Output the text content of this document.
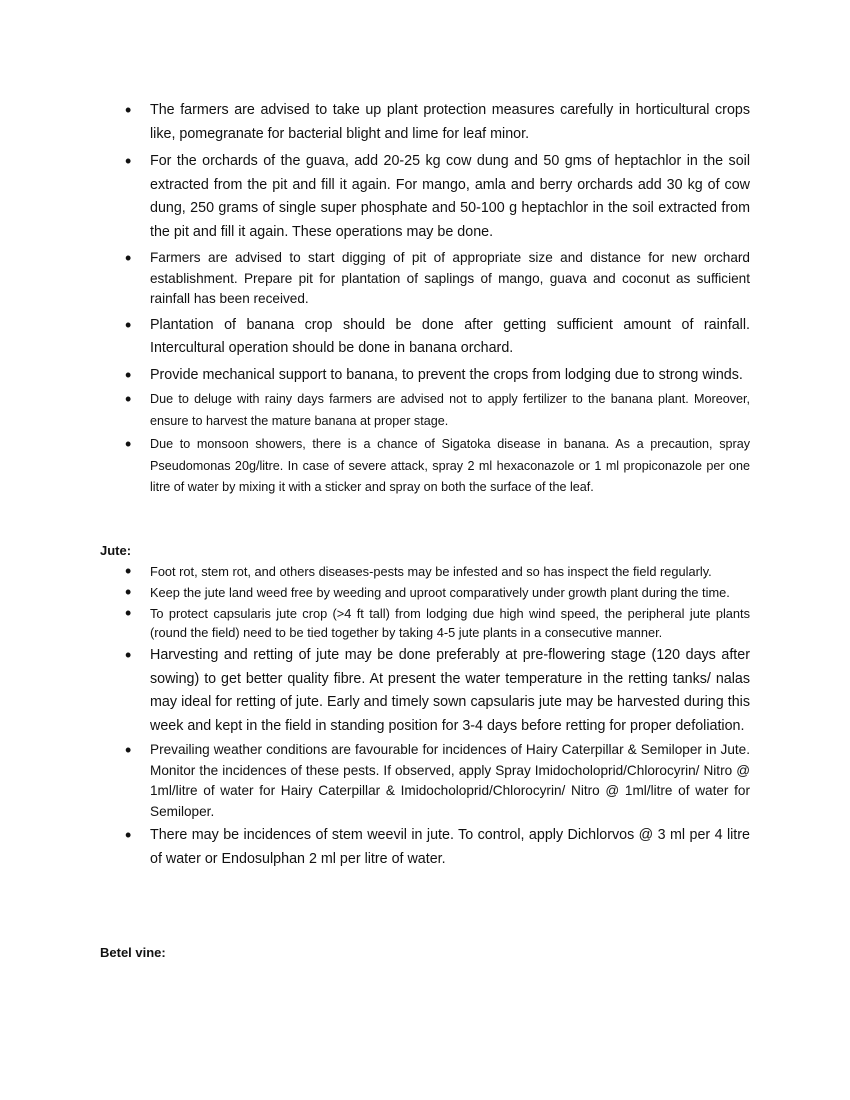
• The farmers are advised to take up plant protection measures carefully in horticultural crops like, pomegranate for bacterial blight and lime for leaf minor.
• For the orchards of the guava, add 20-25 kg cow dung and 50 gms of heptachlor in the soil extracted from the pit and fill it again. For mango, amla and berry orchards add 30 kg of cow dung, 250 grams of single super phosphate and 50-100 g heptachlor in the soil extracted from the pit and fill it again. These operations may be done.
• Farmers are advised to start digging of pit of appropriate size and distance for new orchard establishment. Prepare pit for plantation of saplings of mango, guava and coconut as sufficient rainfall has been received.
• Plantation of banana crop should be done after getting sufficient amount of rainfall. Intercultural operation should be done in banana orchard.
• Provide mechanical support to banana, to prevent the crops from lodging due to strong winds.
• Due to deluge with rainy days farmers are advised not to apply fertilizer to the banana plant. Moreover, ensure to harvest the mature banana at proper stage.
• Due to monsoon showers, there is a chance of Sigatoka disease in banana. As a precaution, spray Pseudomonas 20g/litre. In case of severe attack, spray 2 ml hexaconazole or 1 ml propiconazole per one litre of water by mixing it with a sticker and spray on both the surface of the leaf.
Jute:
• Foot rot, stem rot, and others diseases-pests may be infested and so has inspect the field regularly.
• Keep the jute land weed free by weeding and uproot comparatively under growth plant during the time.
• To protect capsularis jute crop (>4 ft tall) from lodging due high wind speed, the peripheral jute plants (round the field) need to be tied together by taking 4-5 jute plants in a consecutive manner.
• Harvesting and retting of jute may be done preferably at pre-flowering stage (120 days after sowing) to get better quality fibre. At present the water temperature in the retting tanks/ nalas may ideal for retting of jute. Early and timely sown capsularis jute may be harvested during this week and kept in the field in standing position for 3-4 days before retting for proper defoliation.
• Prevailing weather conditions are favourable for incidences of Hairy Caterpillar & Semiloper in Jute. Monitor the incidences of these pests. If observed, apply Spray Imidocholoprid/Chlorocyrin/ Nitro @ 1ml/litre of water for Hairy Caterpillar & Imidocholoprid/Chlorocyrin/ Nitro @ 1ml/litre of water for Semiloper.
• There may be incidences of stem weevil in jute. To control, apply Dichlorvos @ 3 ml per 4 litre of water or Endosulphan 2 ml per litre of water.
Betel vine:
